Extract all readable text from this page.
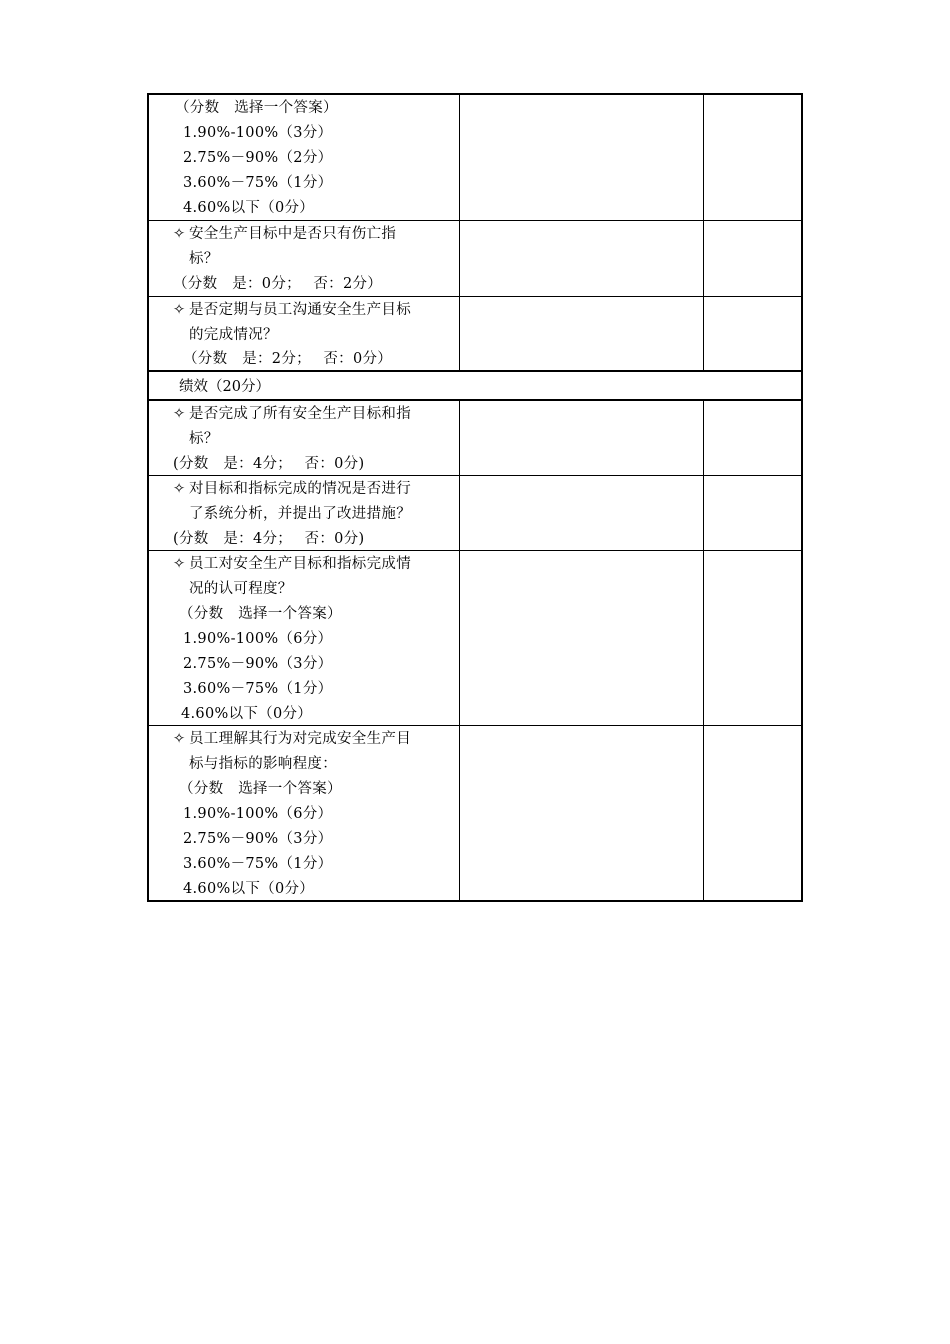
（分数　选择一个答案）
1.90%-100%（3分）
2.75%－90%（2分）
3.60%－75%（1分）
4.60%以下（0分）
✧ 安全生产目标中是否只有伤亡指
标？
（分数　是：0分；　 否：2分）
✧ 是否定期与员工沟通安全生产目标
的完成情况？
（分数　是：2分；　 否：0分）
绩效（20分）
✧ 是否完成了所有安全生产目标和指
标？
(分数　是：4分；　 否：0分)
✧ 对目标和指标完成的情况是否进行
了系统分析，并提出了改进措施？
(分数　是：4分；　 否：0分)
✧ 员工对安全生产目标和指标完成情
况的认可程度？
（分数　选择一个答案）
1.90%-100%（6分）
2.75%－90%（3分）
3.60%－75%（1分）
4.60%以下（0分）
✧ 员工理解其行为对完成安全生产目
标与指标的影响程度：
（分数　选择一个答案）
1.90%-100%（6分）
2.75%－90%（3分）
3.60%－75%（1分）
4.60%以下（0分）
